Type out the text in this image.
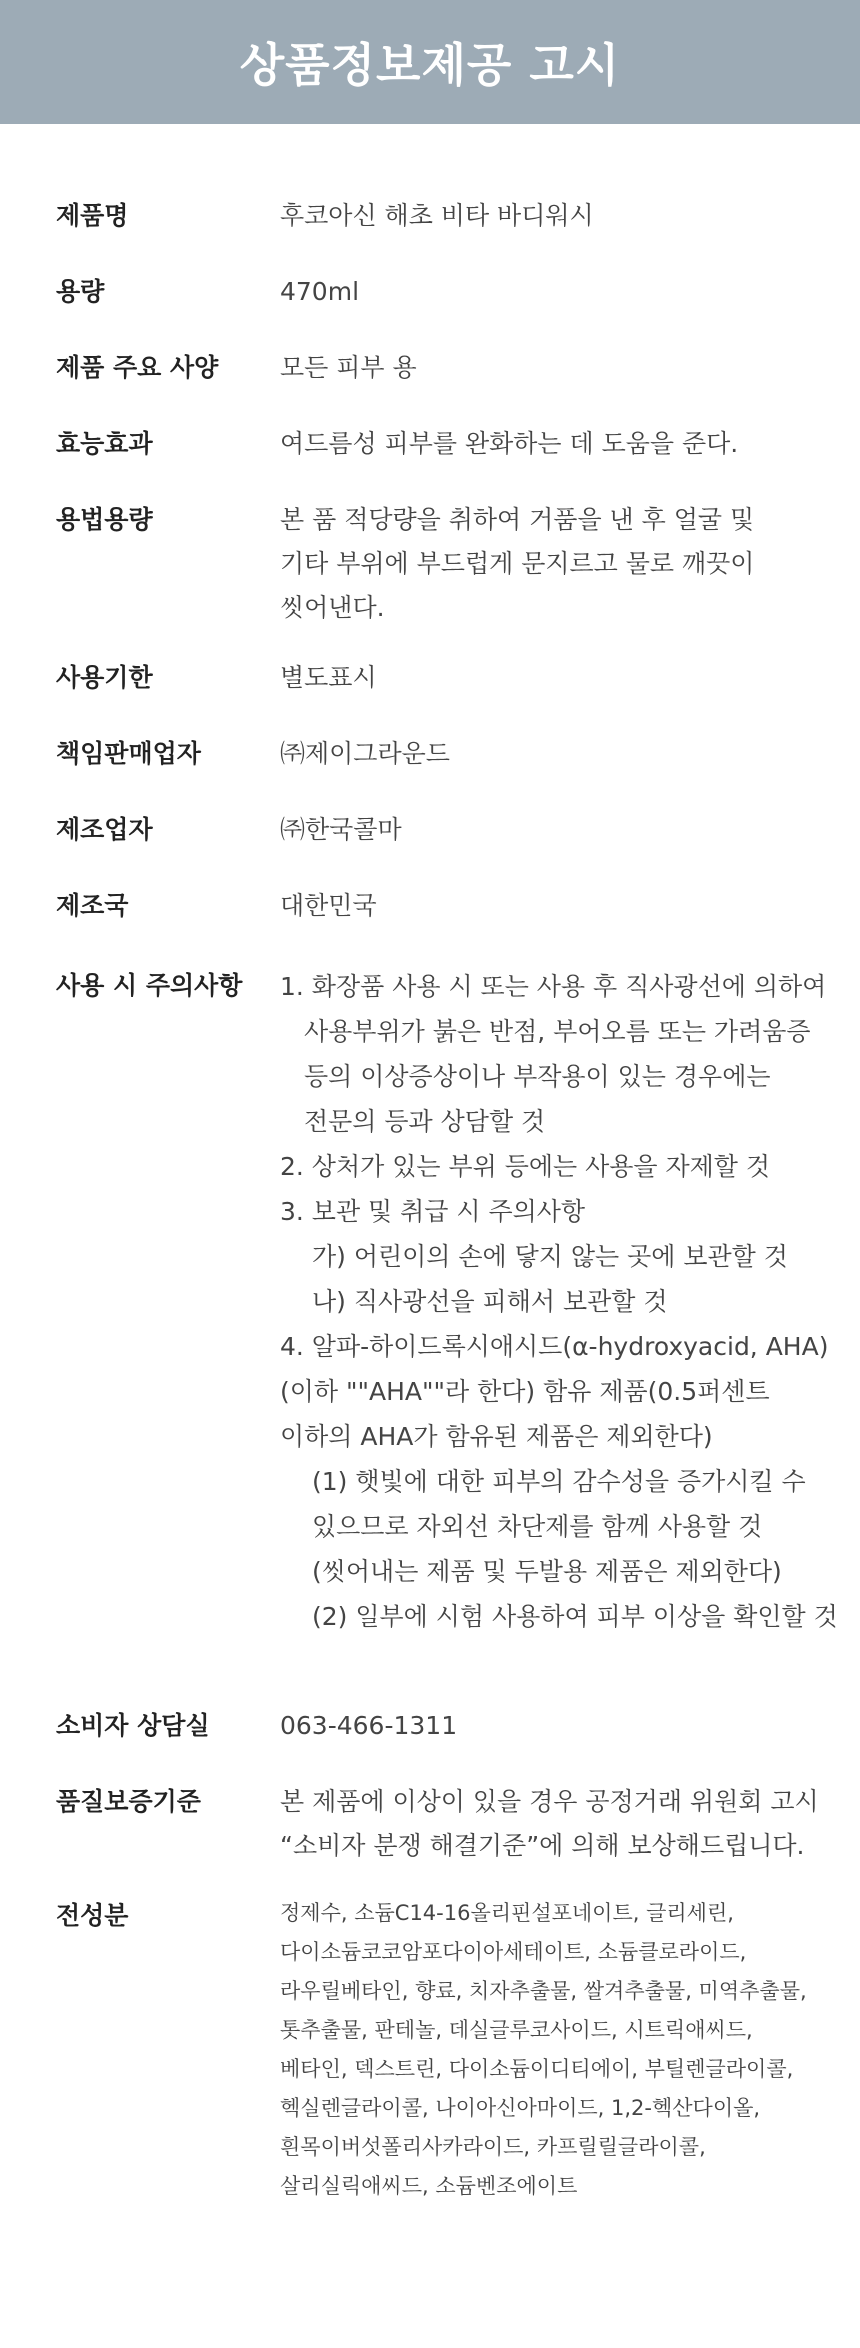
상품정보제공 고시
제품명	후코아신 해초 비타 바디워시
용량	470ml
제품 주요 사양	모든 피부 용
효능효과	여드름성 피부를 완화하는 데 도움을 준다.
용법용량	본 품 적당량을 취하여 거품을 낸 후 얼굴 및
기타 부위에 부드럽게 문지르고 물로 깨끗이
씻어낸다.
사용기한	별도표시
책임판매업자	㈜제이그라운드
제조업자	㈜한국콜마
제조국	대한민국
사용 시 주의사항	1. 화장품 사용 시 또는 사용 후 직사광선에 의하여
사용부위가 붉은 반점, 부어오름 또는 가려움증
등의 이상증상이나 부작용이 있는 경우에는
전문의 등과 상담할 것
2. 상처가 있는 부위 등에는 사용을 자제할 것
3. 보관 및 취급 시 주의사항
가) 어린이의 손에 닿지 않는 곳에 보관할 것
나) 직사광선을 피해서 보관할 것
4. 알파-하이드록시애시드(α-hydroxyacid, AHA)
(이하 ""AHA""라 한다) 함유 제품(0.5퍼센트
이하의 AHA가 함유된 제품은 제외한다)
(1) 햇빛에 대한 피부의 감수성을 증가시킬 수
있으므로 자외선 차단제를 함께 사용할 것
(씻어내는 제품 및 두발용 제품은 제외한다)
(2) 일부에 시험 사용하여 피부 이상을 확인할 것
소비자 상담실	063-466-1311
품질보증기준	본 제품에 이상이 있을 경우 공정거래 위원회 고시
“소비자 분쟁 해결기준”에 의해 보상해드립니다.
전성분	정제수, 소듐C14-16올리핀설포네이트, 글리세린,
다이소듐코코암포다이아세테이트, 소듐클로라이드,
라우릴베타인, 향료, 치자추출물, 쌀겨추출물, 미역추출물,
톳추출물, 판테놀, 데실글루코사이드, 시트릭애씨드,
베타인, 덱스트린, 다이소듐이디티에이, 부틸렌글라이콜,
헥실렌글라이콜, 나이아신아마이드, 1,2-헥산다이올,
흰목이버섯폴리사카라이드, 카프릴릴글라이콜,
살리실릭애씨드, 소듐벤조에이트
